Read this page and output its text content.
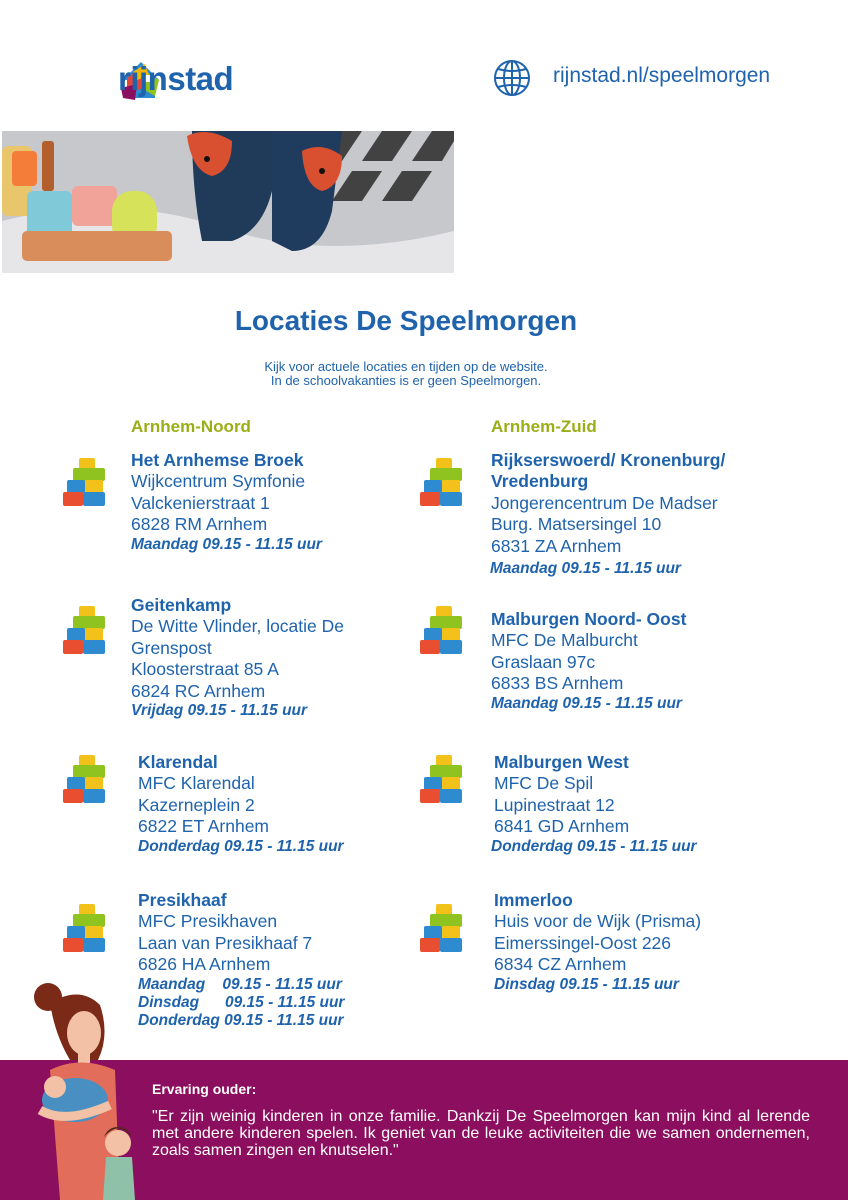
rijnstad	rijnstad.nl/speelmorgen
Locaties De Speelmorgen
Kijk voor actuele locaties en tijden op de website.
In de schoolvakanties is er geen Speelmorgen.
Arnhem-Noord	Arnhem-Zuid
Het Arnhemse Broek
Wijkcentrum Symfonie
Valckenierstraat 1
6828 RM Arnhem
Maandag 09.15 - 11.15 uur
Geitenkamp
De Witte Vlinder, locatie De
Grenspost
Kloosterstraat 85 A
6824 RC Arnhem
Vrijdag 09.15 - 11.15 uur
Klarendal
MFC Klarendal
Kazerneplein 2
6822 ET Arnhem
Donderdag 09.15 - 11.15 uur
Presikhaaf
MFC Presikhaven
Laan van Presikhaaf 7
6826 HA Arnhem
Maandag    09.15 - 11.15 uur
Dinsdag      09.15 - 11.15 uur
Donderdag 09.15 - 11.15 uur
Rijkserswoerd/ Kronenburg/
Vredenburg
Jongerencentrum De Madser
Burg. Matsersingel 10
6831 ZA Arnhem
Maandag 09.15 - 11.15 uur
Malburgen Noord- Oost
MFC De Malburcht
Graslaan 97c
6833 BS Arnhem
Maandag 09.15 - 11.15 uur
Malburgen West
MFC De Spil
Lupinestraat 12
6841 GD Arnhem
Donderdag 09.15 - 11.15 uur
Immerloo
Huis voor de Wijk (Prisma)
Eimerssingel-Oost 226
6834 CZ Arnhem
Dinsdag 09.15 - 11.15 uur
Ervaring ouder:
"Er zijn weinig kinderen in onze familie. Dankzij De Speelmorgen kan mijn kind al lerende met andere kinderen spelen. Ik geniet van de leuke activiteiten die we samen ondernemen, zoals samen zingen en knutselen."
